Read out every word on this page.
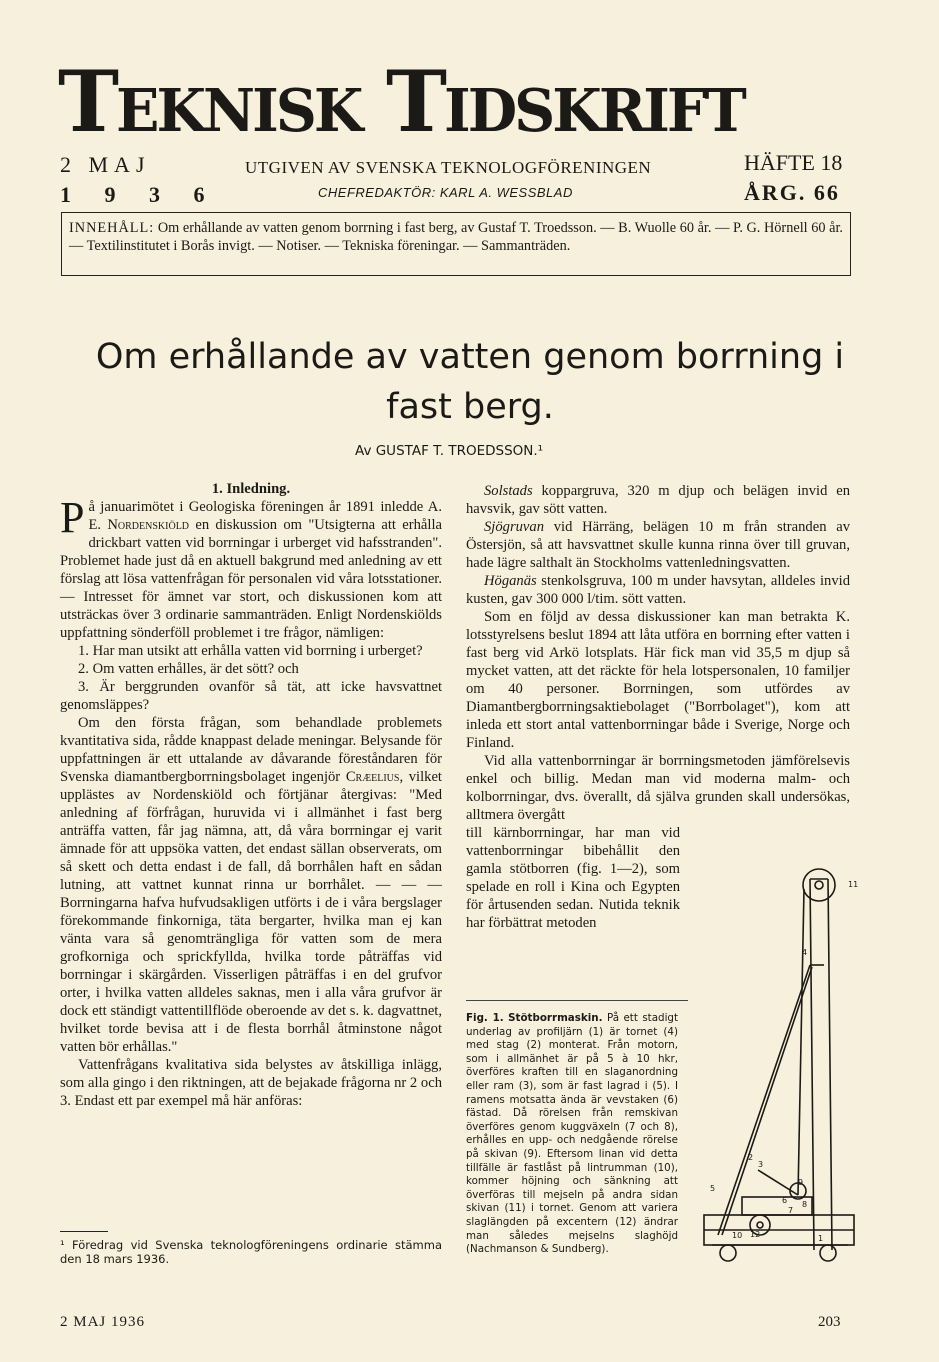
Teknisk Tidskrift
2 MAJ
1 9 3 6
UTGIVEN AV SVENSKA TEKNOLOGFÖRENINGEN
CHEFREDAKTÖR: KARL A. WESSBLAD
HÄFTE 18
ÅRG. 66
INNEHÅLL: Om erhållande av vatten genom borrning i fast berg, av Gustaf T. Troedsson. — B. Wuolle 60 år. — P. G. Hörnell 60 år. — Textilinstitutet i Borås invigt. — Notiser. — Tekniska föreningar. — Sammanträden.
Om erhållande av vatten genom borrning i fast berg.
Av GUSTAF T. TROEDSSON.¹

1. Inledning.

På januarimötet i Geologiska föreningen år 1891 inledde A. E. Nordenskiöld en diskussion om "Utsigterna att erhålla drickbart vatten vid borrningar i urberget vid hafsstranden". Problemet hade just då en aktuell bakgrund med anledning av ett förslag att lösa vattenfrågan för personalen vid våra lotsstationer. — Intresset för ämnet var stort, och diskussionen kom att utsträckas över 3 ordinarie sammanträden. Enligt Nordenskiölds uppfattning sönderföll problemet i tre frågor, nämligen:

1. Har man utsikt att erhålla vatten vid borrning i urberget?

2. Om vatten erhålles, är det sött? och

3. Är berggrunden ovanför så tät, att icke havsvattnet genomsläppes?

Om den första frågan, som behandlade problemets kvantitativa sida, rådde knappast delade meningar. Belysande för uppfattningen är ett uttalande av dåvarande föreståndaren för Svenska diamantbergborrningsbolaget ingenjör Cræelius, vilket upplästes av Nordenskiöld och förtjänar återgivas: "Med anledning af förfrågan, huruvida vi i allmänhet i fast berg anträffa vatten, får jag nämna, att, då våra borrningar ej varit ämnade för att uppsöka vatten, det endast sällan observerats, om så skett och detta endast i de fall, då borrhålen haft en sådan lutning, att vattnet kunnat rinna ur borrhålet. — — — Borrningarna hafva hufvudsakligen utförts i de i våra bergslager förekommande finkorniga, täta bergarter, hvilka man ej kan vänta vara så genomträngliga för vatten som de mera grofkorniga och sprickfyllda, hvilka torde påträffas vid borrningar i skärgården. Visserligen påträffas i en del grufvor orter, i hvilka vatten alldeles saknas, men i alla våra grufvor är dock ett ständigt vattentillflöde oberoende av det s. k. dagvattnet, hvilket torde bevisa att i de flesta borrhål åtminstone något vatten bör erhållas."

Vattenfrågans kvalitativa sida belystes av åtskilliga inlägg, som alla gingo i den riktningen, att de bejakade frågorna nr 2 och 3. Endast ett par exempel må här anföras:

¹ Föredrag vid Svenska teknologföreningens ordinarie stämma den 18 mars 1936.

Solstads koppargruva, 320 m djup och belägen invid en havsvik, gav sött vatten.

Sjögruvan vid Härräng, belägen 10 m från stranden av Östersjön, så att havsvattnet skulle kunna rinna över till gruvan, hade lägre salthalt än Stockholms vattenledningsvatten.

Höganäs stenkolsgruva, 100 m under havsytan, alldeles invid kusten, gav 300 000 l/tim. sött vatten.

Som en följd av dessa diskussioner kan man betrakta K. lotsstyrelsens beslut 1894 att låta utföra en borrning efter vatten i fast berg vid Arkö lotsplats. Här fick man vid 35,5 m djup så mycket vatten, att det räckte för hela lotspersonalen, 10 familjer om 40 personer. Borrningen, som utfördes av Diamantbergborrningsaktiebolaget ("Borrbolaget"), kom att inleda ett stort antal vattenborrningar både i Sverige, Norge och Finland.

Vid alla vattenborrningar är borrningsmetoden jämförelsevis enkel och billig. Medan man vid moderna malm- och kolborrningar, dvs. överallt, då själva grunden skall undersökas, alltmera övergått

till kärnborrningar, har man vid vattenborrningar bibehållit den gamla stötborren (fig. 1—2), som spelade en roll i Kina och Egypten för årtusenden sedan. Nutida teknik har förbättrat metoden

Fig. 1. Stötborrmaskin. På ett stadigt underlag av profiljärn (1) är tornet (4) med stag (2) monterat. Från motorn, som i allmänhet är på 5 à 10 hkr, överföres kraften till en slaganordning eller ram (3), som är fast lagrad i (5). I ramens motsatta ända är vevstaken (6) fästad. Då rörelsen från remskivan överföres genom kuggväxeln (7 och 8), erhålles en upp- och nedgående rörelse på skivan (9). Eftersom linan vid detta tillfälle är fastlåst på lintrumman (10), kommer höjning och sänkning att överföras till mejseln på andra sidan skivan (11) i tornet. Genom att variera slaglängden på excentern (12) ändrar man således mejselns slaghöjd (Nachmanson & Sundberg).
11
4
2
3
5
6
7
8
9
10 12	1
2 MAJ 1936	203
